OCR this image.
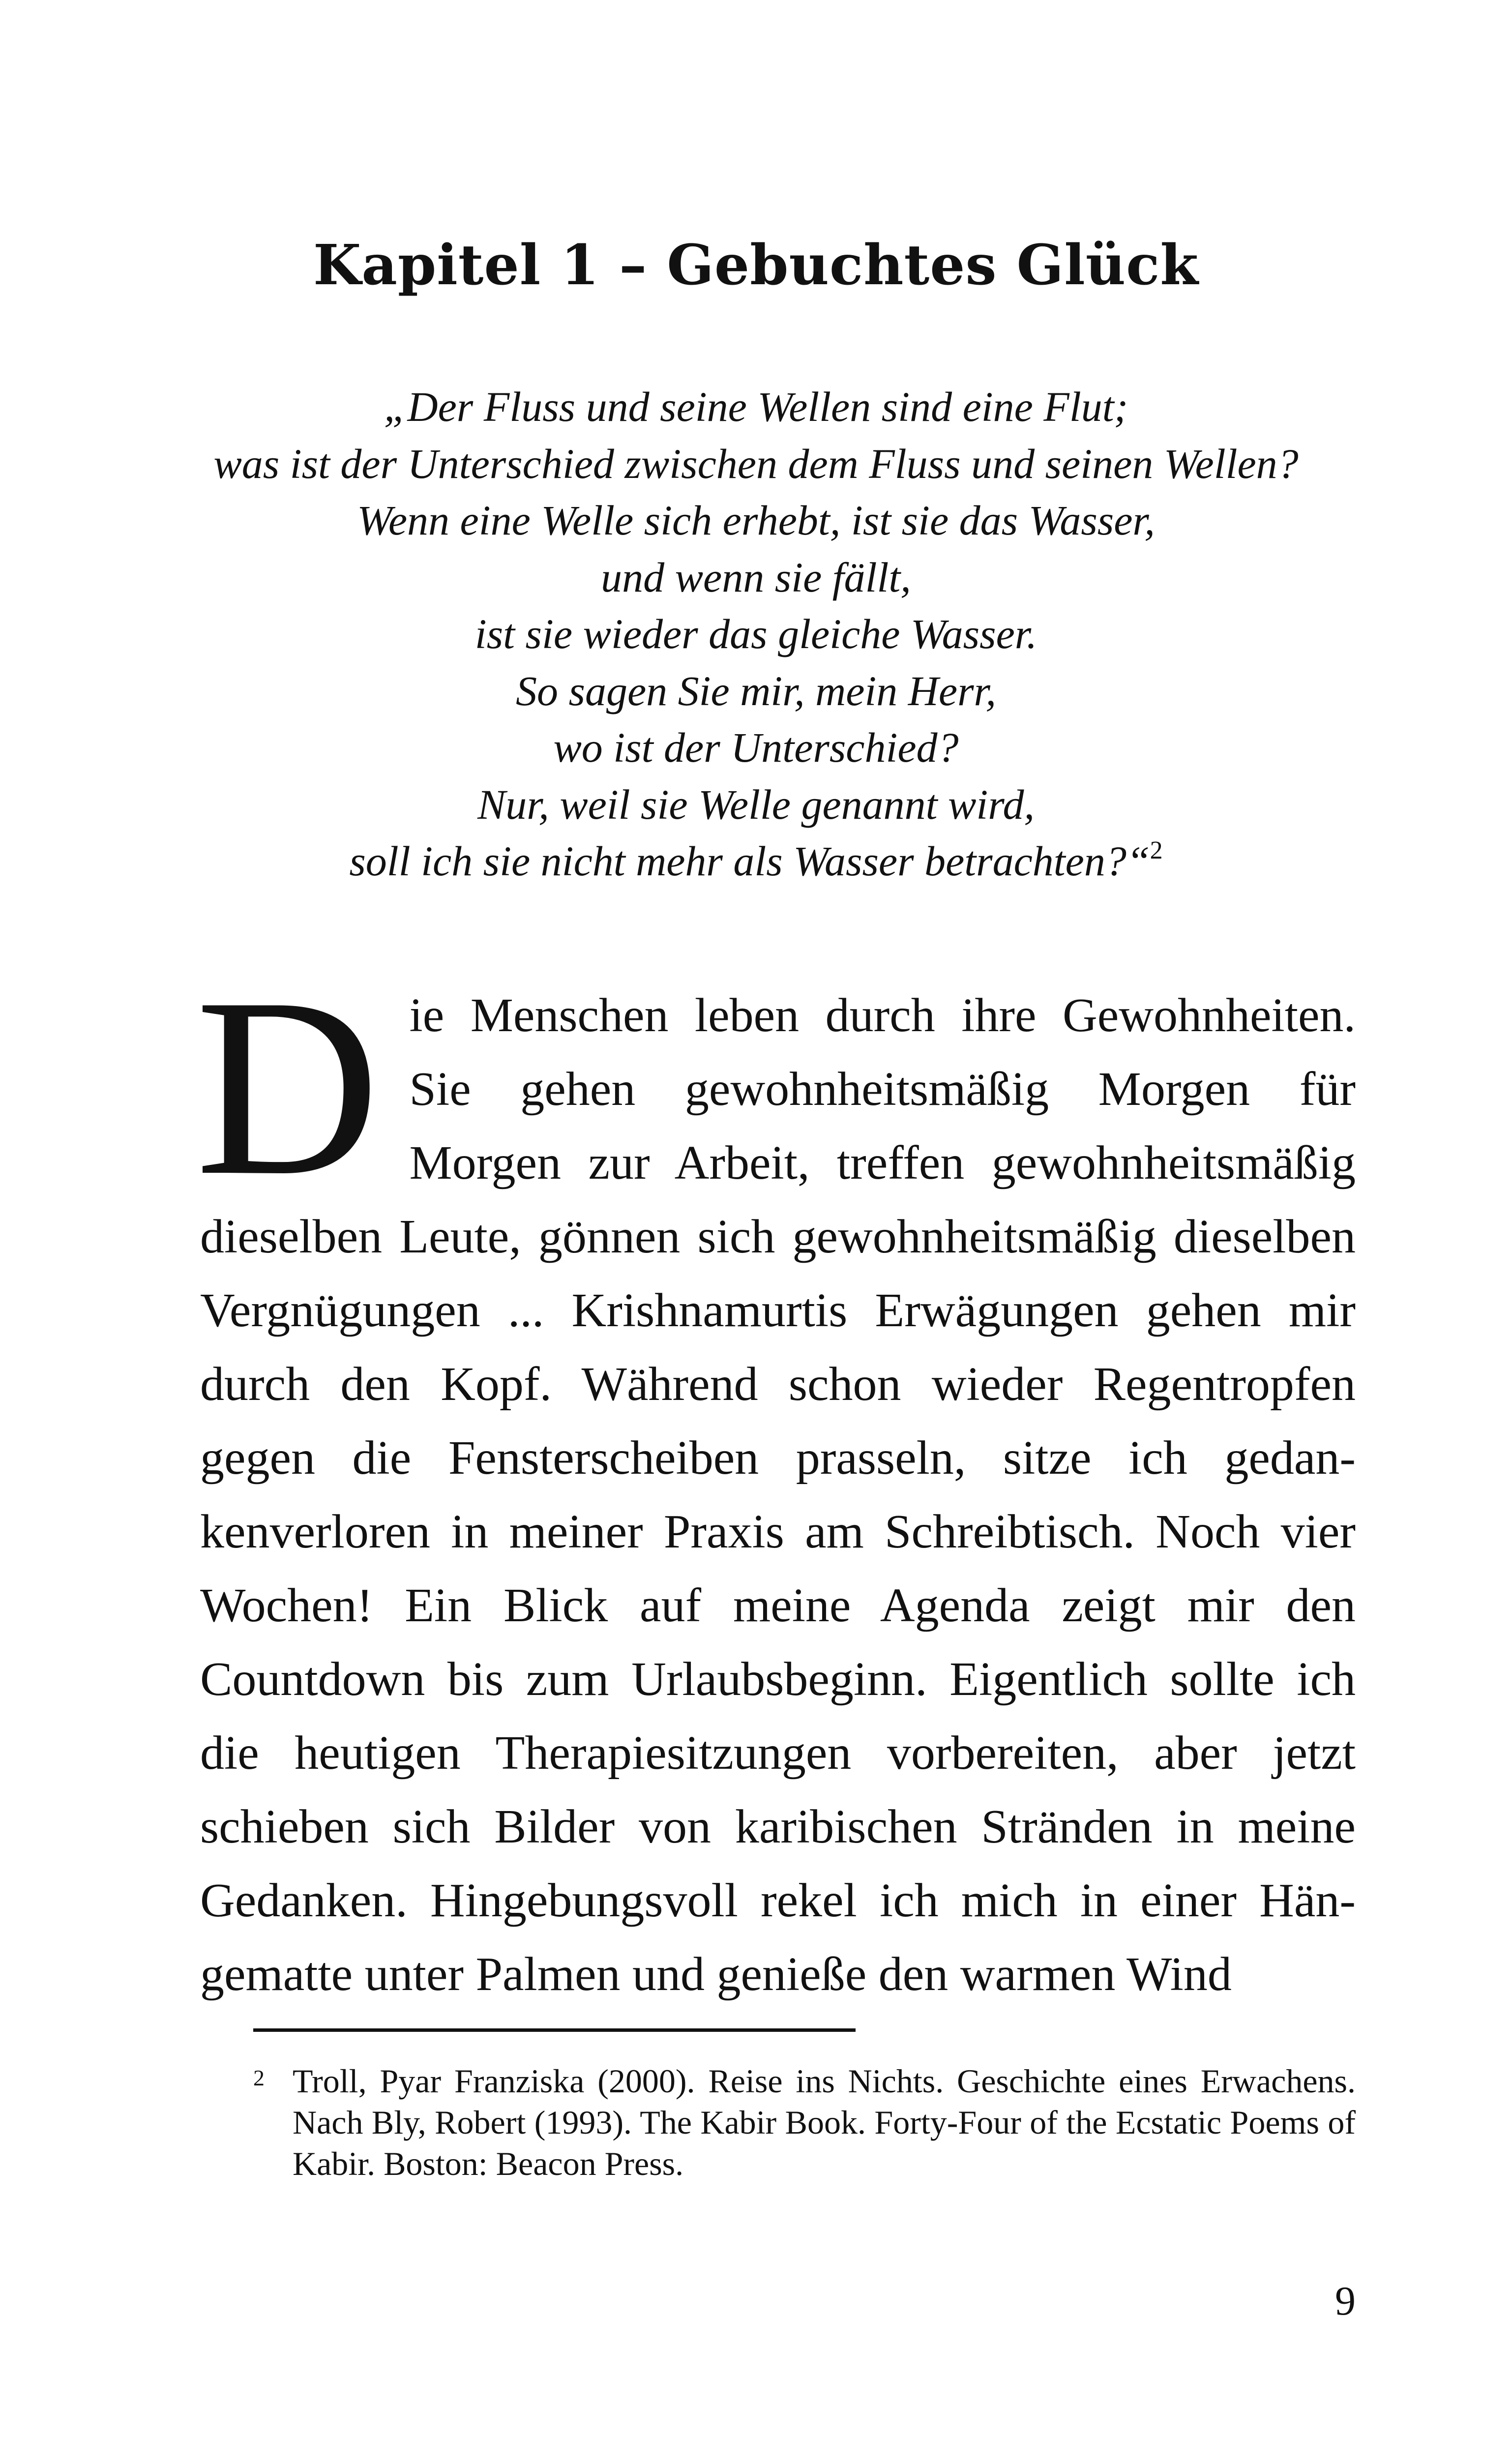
Kapitel 1 – Gebuchtes Glück
„Der Fluss und seine Wellen sind eine Flut;
was ist der Unterschied zwischen dem Fluss und seinen Wellen?
Wenn eine Welle sich erhebt, ist sie das Wasser,
und wenn sie fällt,
ist sie wieder das gleiche Wasser.
So sagen Sie mir, mein Herr,
wo ist der Unterschied?
Nur, weil sie Welle genannt wird,
soll ich sie nicht mehr als Wasser betrachten?“$^2$

Die Menschen leben durch ihre Gewohnheiten. Sie gehen gewohnheitsmäßig Morgen für Morgen zur Arbeit, treffen gewohnheitsmäßig dieselben Leute, gönnen sich gewohnheitsmäßig dieselben Vergnügungen ... Krishnamurtis Erwägungen gehen mir durch den Kopf. Während schon wieder Regentropfen gegen die Fensterscheiben prasseln, sitze ich gedankenverloren in meiner Praxis am Schreibtisch. Noch vier Wochen! Ein Blick auf meine Agenda zeigt mir den Countdown bis zum Urlaubsbeginn. Eigentlich sollte ich die heutigen Therapiesitzungen vorbereiten, aber jetzt schieben sich Bilder von karibischen Stränden in meine Gedanken. Hingebungsvoll rekel ich mich in einer Hängematte unter Palmen und genieße den warmen Wind

2 Troll, Pyar Franziska (2000). Reise ins Nichts. Geschichte eines Erwachens. Nach Bly, Robert (1993). The Kabir Book. Forty-Four of the Ecstatic Poems of Kabir. Boston: Beacon Press.
9
